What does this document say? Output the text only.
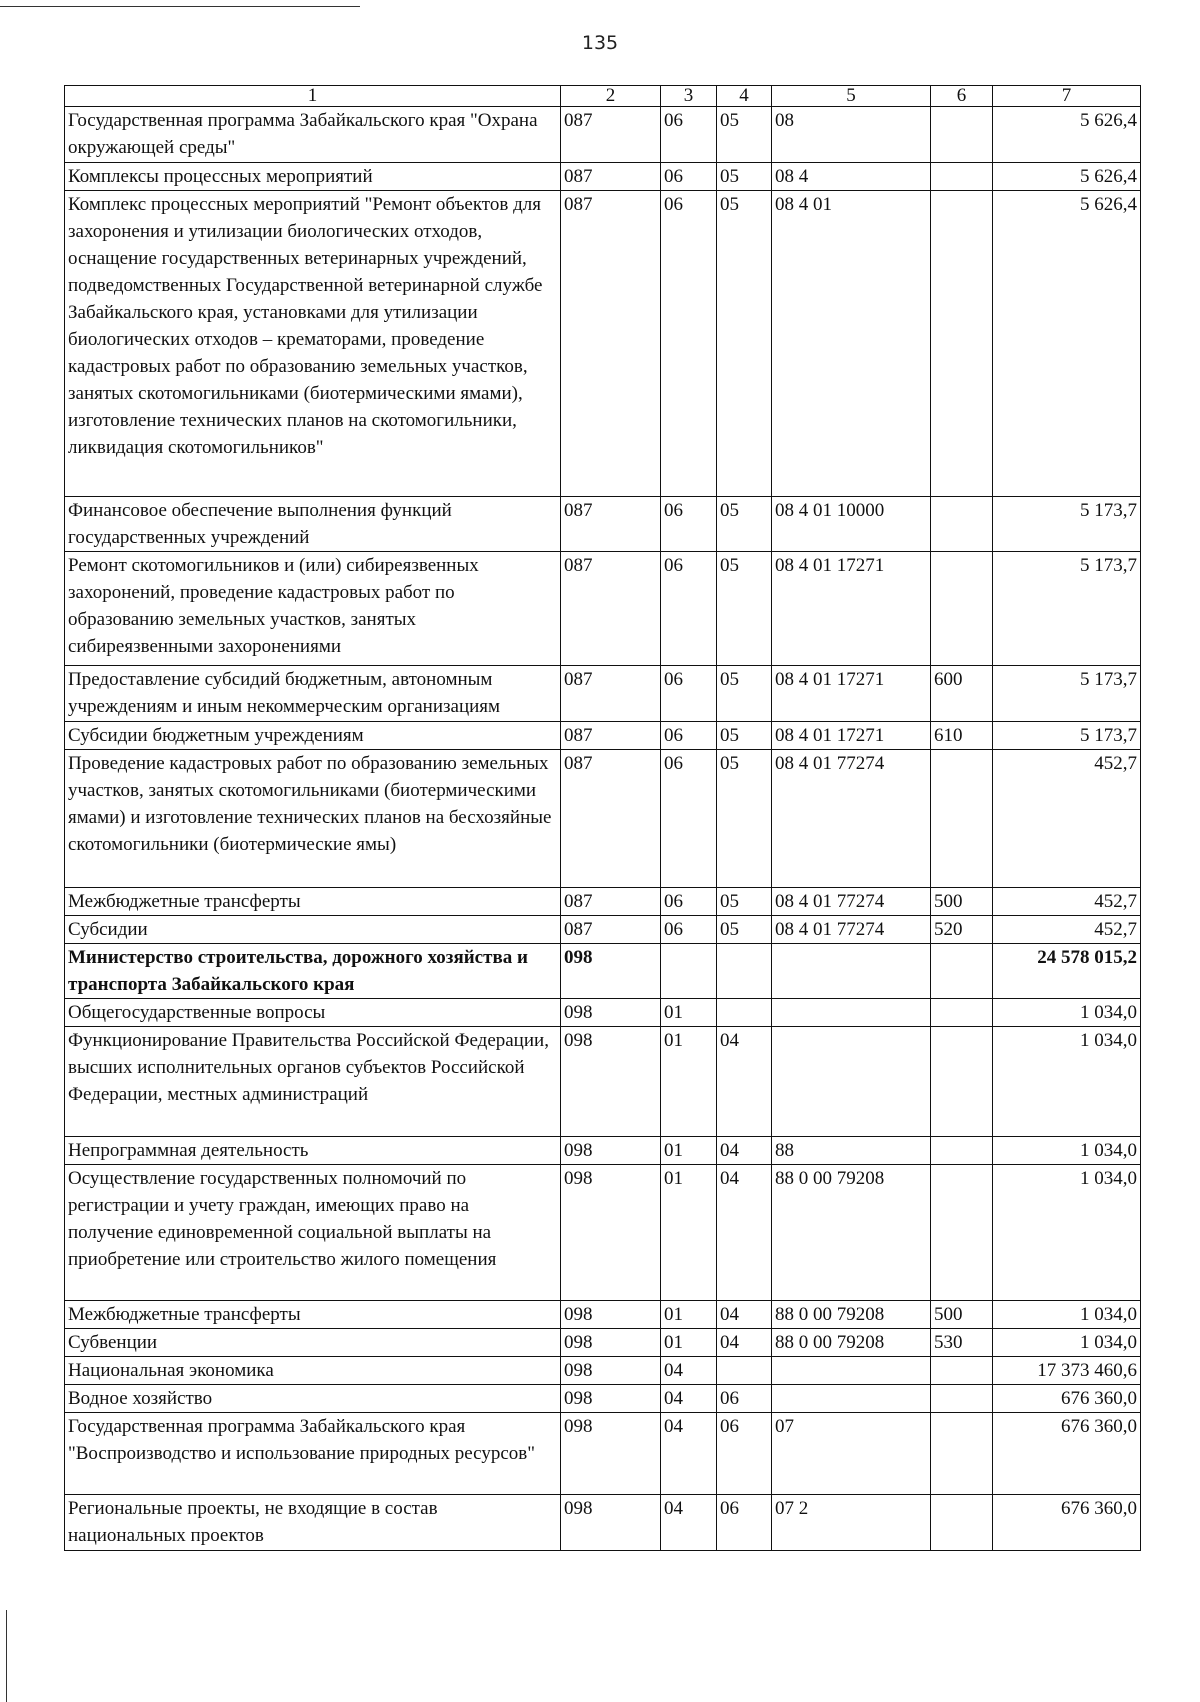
135
1	2	3	4	5	6	7
Государственная программа Забайкальского края "Охрана окружающей среды"	087	06	05	08		5 626,4
Комплексы процессных мероприятий	087	06	05	08 4		5 626,4
Комплекс процессных мероприятий "Ремонт объектов для захоронения и утилизации биологических отходов, оснащение государственных ветеринарных учреждений, подведомственных Государственной ветеринарной службе Забайкальского края, установками для утилизации биологических отходов – крематорами, проведение кадастровых работ по образованию земельных участков, занятых скотомогильниками (биотермическими ямами), изготовление технических планов на скотомогильники, ликвидация скотомогильников"	087	06	05	08 4 01		5 626,4
Финансовое обеспечение выполнения функций государственных учреждений	087	06	05	08 4 01 10000		5 173,7
Ремонт скотомогильников и (или) сибиреязвенных захоронений, проведение кадастровых работ по образованию земельных участков, занятых сибиреязвенными захоронениями	087	06	05	08 4 01 17271		5 173,7
Предоставление субсидий бюджетным, автономным учреждениям и иным некоммерческим организациям	087	06	05	08 4 01 17271	600	5 173,7
Субсидии бюджетным учреждениям	087	06	05	08 4 01 17271	610	5 173,7
Проведение кадастровых работ по образованию земельных участков, занятых скотомогильниками (биотермическими ямами) и изготовление технических планов на бесхозяйные скотомогильники (биотермические ямы)	087	06	05	08 4 01 77274		452,7
Межбюджетные трансферты	087	06	05	08 4 01 77274	500	452,7
Субсидии	087	06	05	08 4 01 77274	520	452,7
Министерство строительства, дорожного хозяйства и транспорта Забайкальского края	098					24 578 015,2
Общегосударственные вопросы	098	01				1 034,0
Функционирование Правительства Российской Федерации, высших исполнительных органов субъектов Российской Федерации, местных администраций	098	01	04			1 034,0
Непрограммная деятельность	098	01	04	88		1 034,0
Осуществление государственных полномочий по регистрации и учету граждан, имеющих право на получение единовременной социальной выплаты на приобретение или строительство жилого помещения	098	01	04	88 0 00 79208		1 034,0
Межбюджетные трансферты	098	01	04	88 0 00 79208	500	1 034,0
Субвенции	098	01	04	88 0 00 79208	530	1 034,0
Национальная экономика	098	04				17 373 460,6
Водное хозяйство	098	04	06			676 360,0
Государственная программа Забайкальского края "Воспроизводство и использование природных ресурсов"	098	04	06	07		676 360,0
Региональные проекты, не входящие в состав национальных проектов	098	04	06	07 2		676 360,0
